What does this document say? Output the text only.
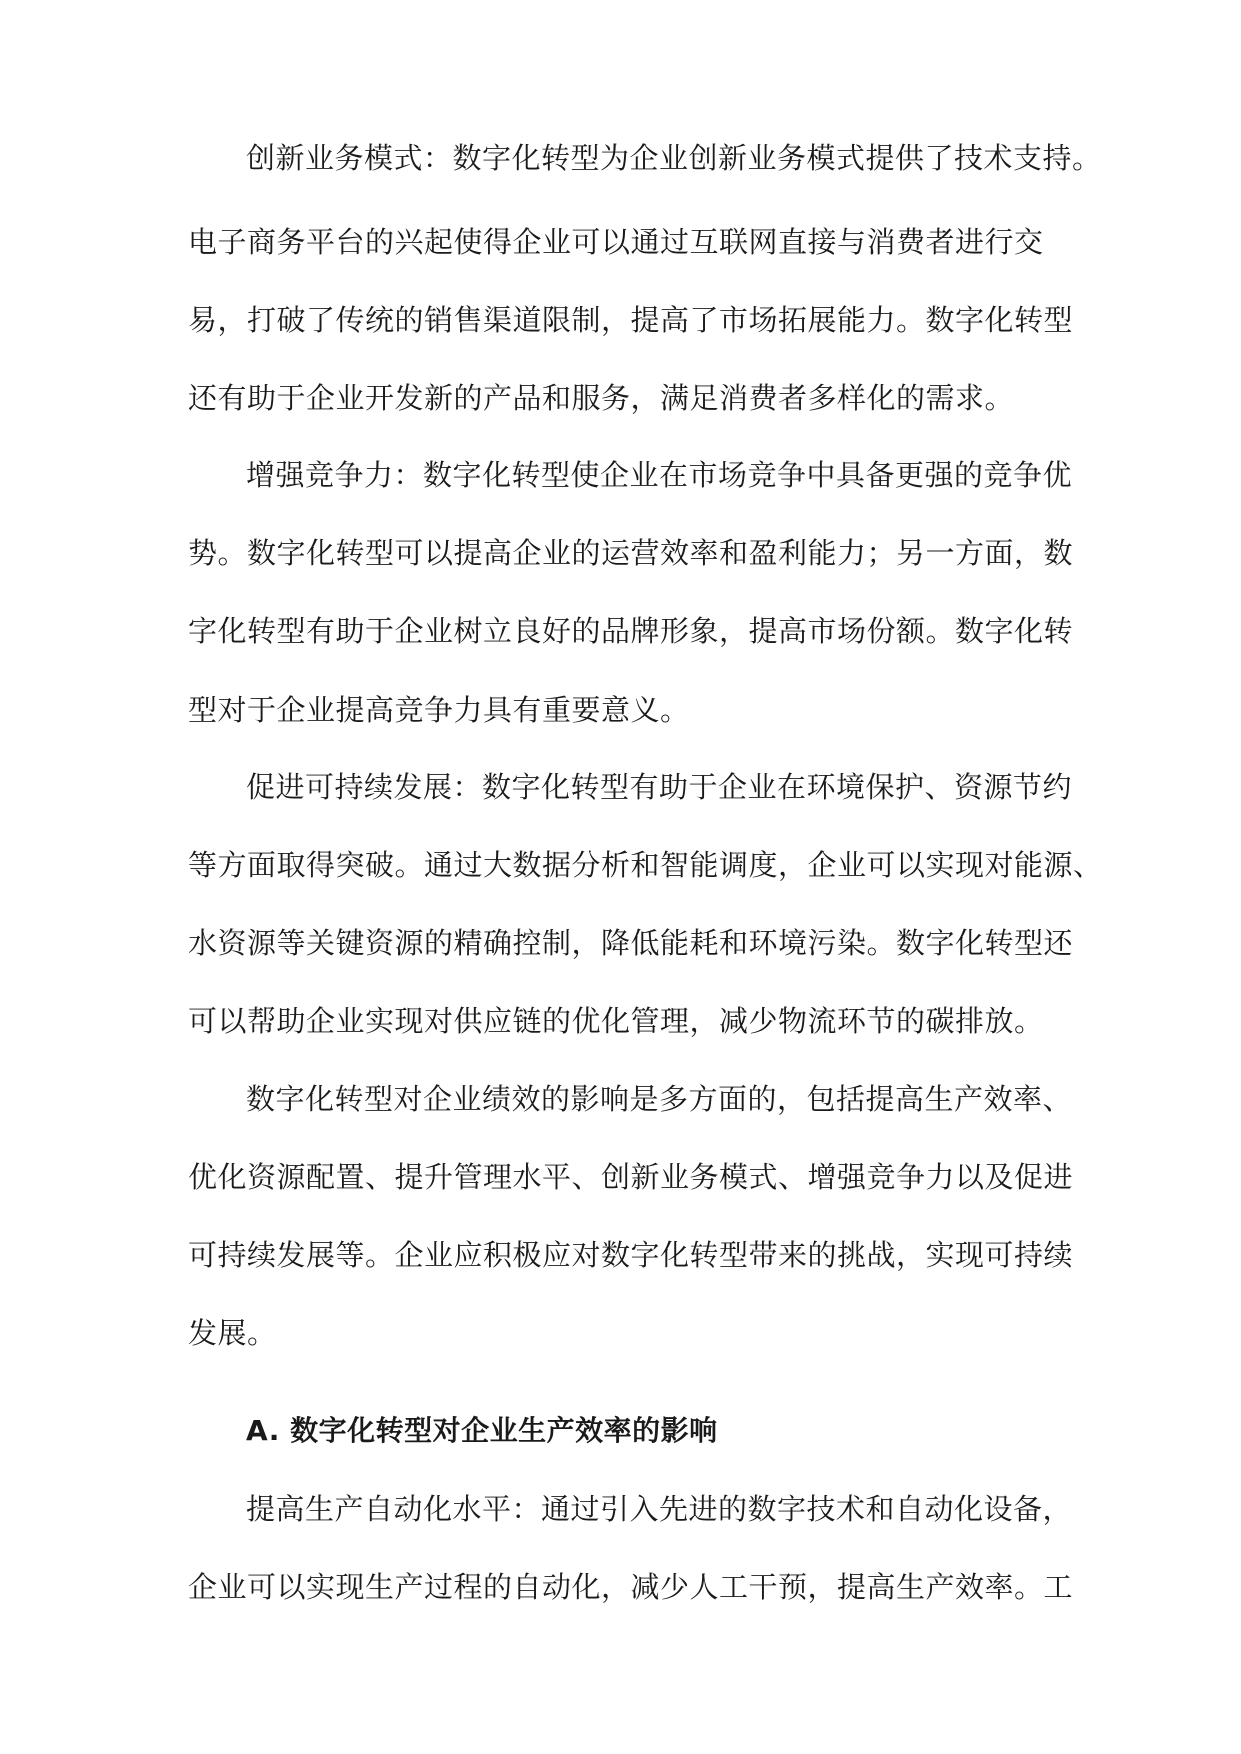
创新业务模式：数字化转型为企业创新业务模式提供了技术支持。
电子商务平台的兴起使得企业可以通过互联网直接与消费者进行交
易，打破了传统的销售渠道限制，提高了市场拓展能力。数字化转型
还有助于企业开发新的产品和服务，满足消费者多样化的需求。
增强竞争力：数字化转型使企业在市场竞争中具备更强的竞争优
势。数字化转型可以提高企业的运营效率和盈利能力；另一方面，数
字化转型有助于企业树立良好的品牌形象，提高市场份额。数字化转
型对于企业提高竞争力具有重要意义。
促进可持续发展：数字化转型有助于企业在环境保护、资源节约
等方面取得突破。通过大数据分析和智能调度，企业可以实现对能源、
水资源等关键资源的精确控制，降低能耗和环境污染。数字化转型还
可以帮助企业实现对供应链的优化管理，减少物流环节的碳排放。
数字化转型对企业绩效的影响是多方面的，包括提高生产效率、
优化资源配置、提升管理水平、创新业务模式、增强竞争力以及促进
可持续发展等。企业应积极应对数字化转型带来的挑战，实现可持续
发展。
A. 数字化转型对企业生产效率的影响
提高生产自动化水平：通过引入先进的数字技术和自动化设备，
企业可以实现生产过程的自动化，减少人工干预，提高生产效率。工
